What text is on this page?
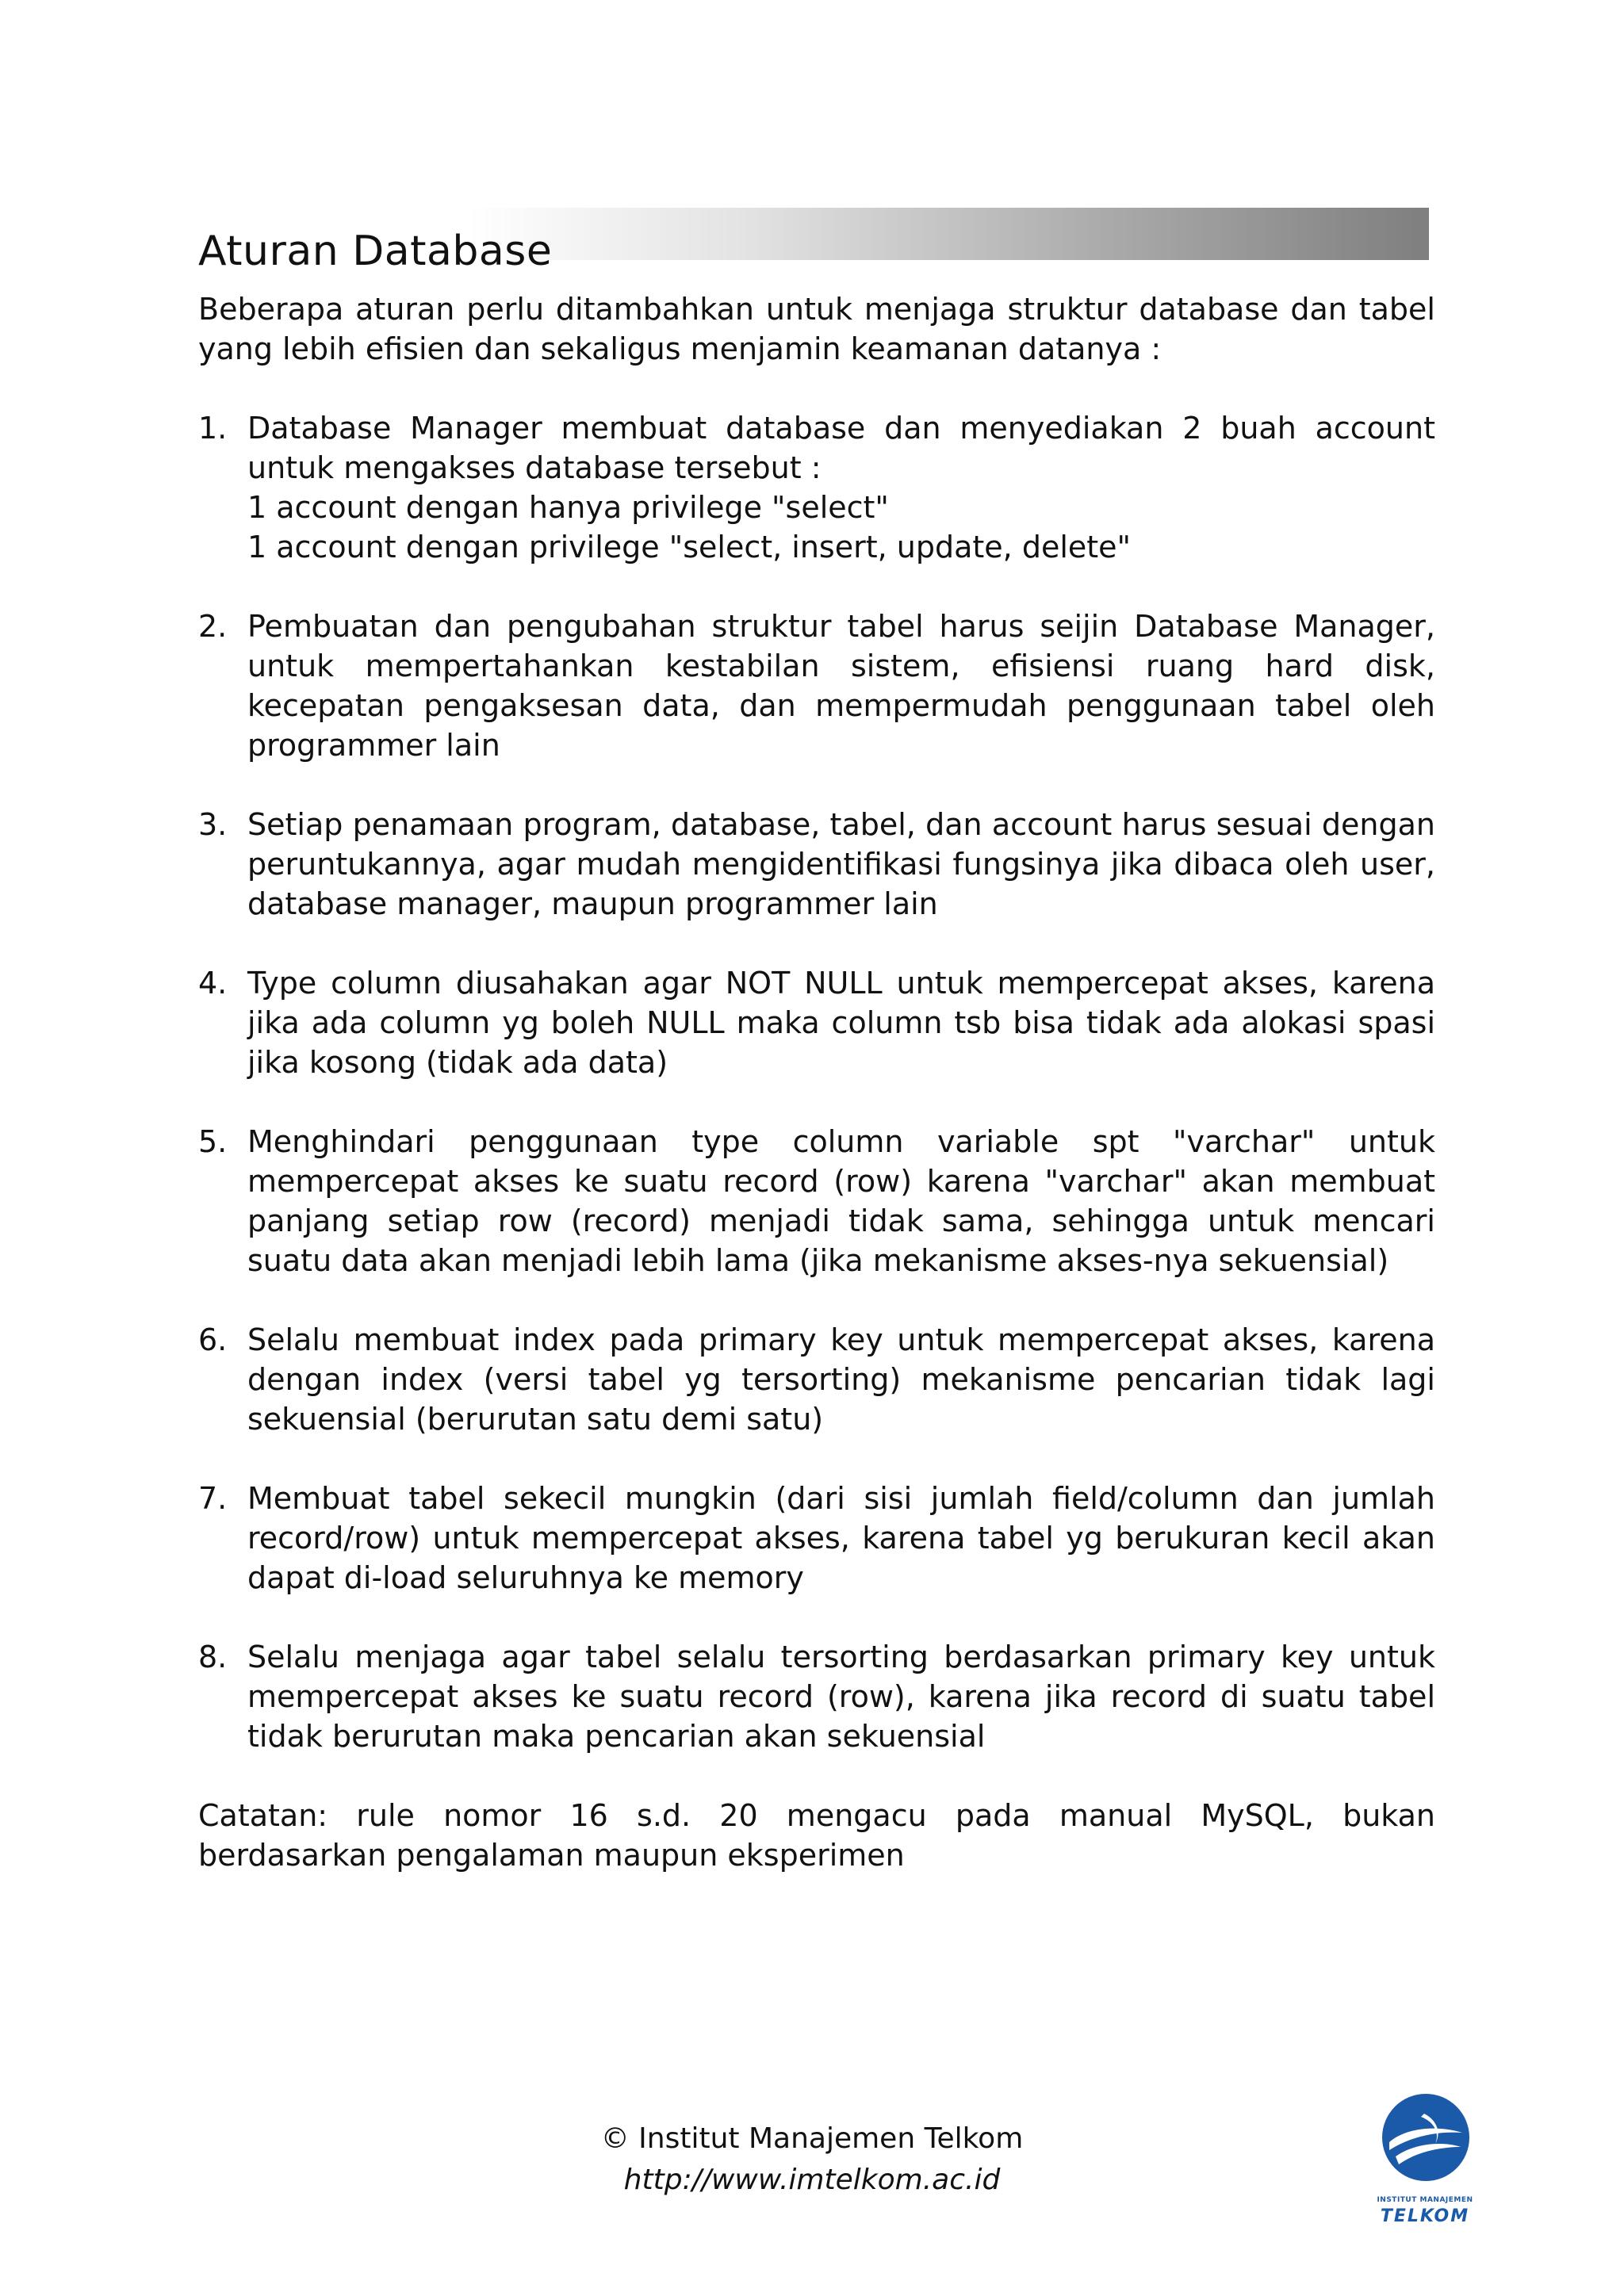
Aturan Database

Beberapa aturan perlu ditambahkan untuk menjaga struktur database dan tabel yang lebih efisien dan sekaligus menjamin keamanan datanya :

1. Database Manager membuat database dan menyediakan 2 buah account untuk mengakses database tersebut :
1 account dengan hanya privilege "select"
1 account dengan privilege "select, insert, update, delete"
2. Pembuatan dan pengubahan struktur tabel harus seijin Database Manager, untuk mempertahankan kestabilan sistem, efisiensi ruang hard disk, kecepatan pengaksesan data, dan mempermudah penggunaan tabel oleh programmer lain
3. Setiap penamaan program, database, tabel, dan account harus sesuai dengan peruntukannya, agar mudah mengidentifikasi fungsinya jika dibaca oleh user, database manager, maupun programmer lain
4. Type column diusahakan agar NOT NULL untuk mempercepat akses, karena jika ada column yg boleh NULL maka column tsb bisa tidak ada alokasi spasi jika kosong (tidak ada data)
5. Menghindari penggunaan type column variable spt "varchar" untuk mempercepat akses ke suatu record (row) karena "varchar" akan membuat panjang setiap row (record) menjadi tidak sama, sehingga untuk mencari suatu data akan menjadi lebih lama (jika mekanisme akses-nya sekuensial)
6. Selalu membuat index pada primary key untuk mempercepat akses, karena dengan index (versi tabel yg tersorting) mekanisme pencarian tidak lagi sekuensial (berurutan satu demi satu)
7. Membuat tabel sekecil mungkin (dari sisi jumlah field/column dan jumlah record/row) untuk mempercepat akses, karena tabel yg berukuran kecil akan dapat di-load seluruhnya ke memory
8. Selalu menjaga agar tabel selalu tersorting berdasarkan primary key untuk mempercepat akses ke suatu record (row), karena jika record di suatu tabel tidak berurutan maka pencarian akan sekuensial

Catatan: rule nomor 16 s.d. 20 mengacu pada manual MySQL, bukan berdasarkan pengalaman maupun eksperimen

© Institut Manajemen Telkom
http://www.imtelkom.ac.id
INSTITUT MANAJEMEN
TELKOM
